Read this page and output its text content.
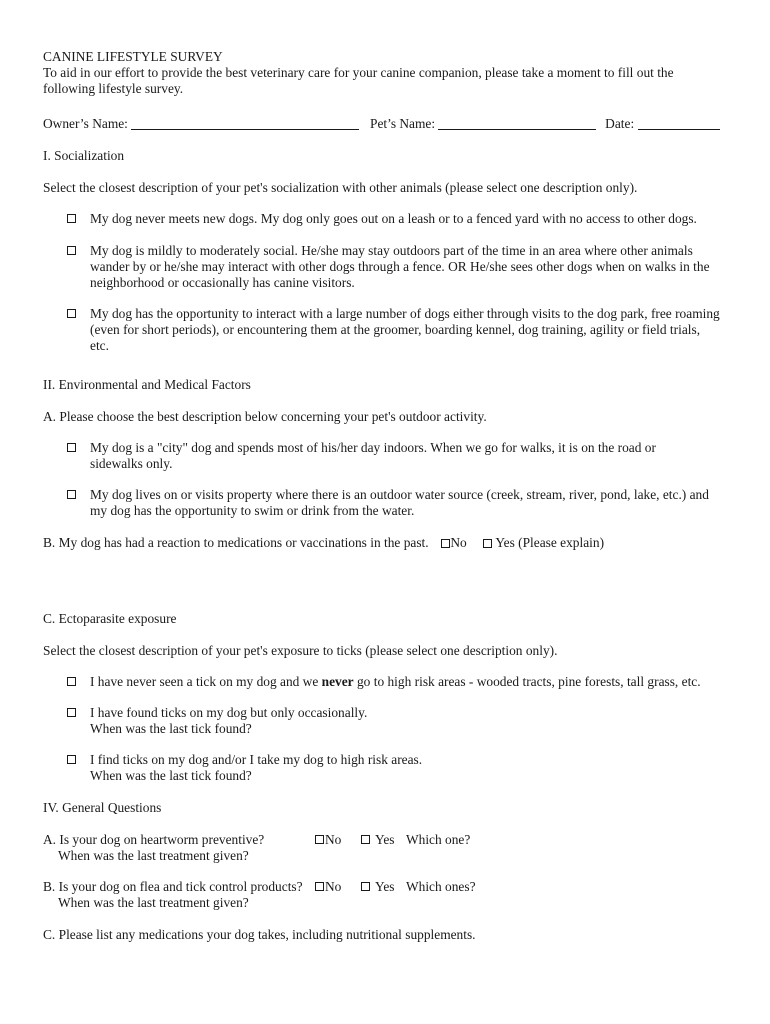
CANINE LIFESTYLE SURVEY
To aid in our effort to provide the best veterinary care for your canine companion, please take a moment to fill out the following lifestyle survey.
Owner’s Name:	Pet’s Name:	Date:
I. Socialization
Select the closest description of your pet's socialization with other animals (please select one description only).
My dog never meets new dogs. My dog only goes out on a leash or to a fenced yard with no access to other dogs.
My dog is mildly to moderately social. He/she may stay outdoors part of the time in an area where other animals wander by or he/she may interact with other dogs through a fence. OR He/she sees other dogs when on walks in the neighborhood or occasionally has canine visitors.
My dog has the opportunity to interact with a large number of dogs either through visits to the dog park, free roaming (even for short periods), or encountering them at the groomer, boarding kennel, dog training, agility or field trials, etc.
II. Environmental and Medical Factors
A. Please choose the best description below concerning your pet's outdoor activity.
My dog is a "city" dog and spends most of his/her day indoors. When we go for walks, it is on the road or sidewalks only.
My dog lives on or visits property where there is an outdoor water source (creek, stream, river, pond, lake, etc.) and my dog has the opportunity to swim or drink from the water.
B. My dog has had a reaction to medications or vaccinations in the past. No Yes (Please explain)
C. Ectoparasite exposure
Select the closest description of your pet's exposure to ticks (please select one description only).
I have never seen a tick on my dog and we never go to high risk areas - wooded tracts, pine forests, tall grass, etc.
I have found ticks on my dog but only occasionally.
When was the last tick found?
I find ticks on my dog and/or I take my dog to high risk areas.
When was the last tick found?
IV. General Questions
A. Is your dog on heartworm preventive?	No	Yes Which one?
When was the last treatment given?
B. Is your dog on flea and tick control products? No	Yes Which ones?
When was the last treatment given?
C. Please list any medications your dog takes, including nutritional supplements.
